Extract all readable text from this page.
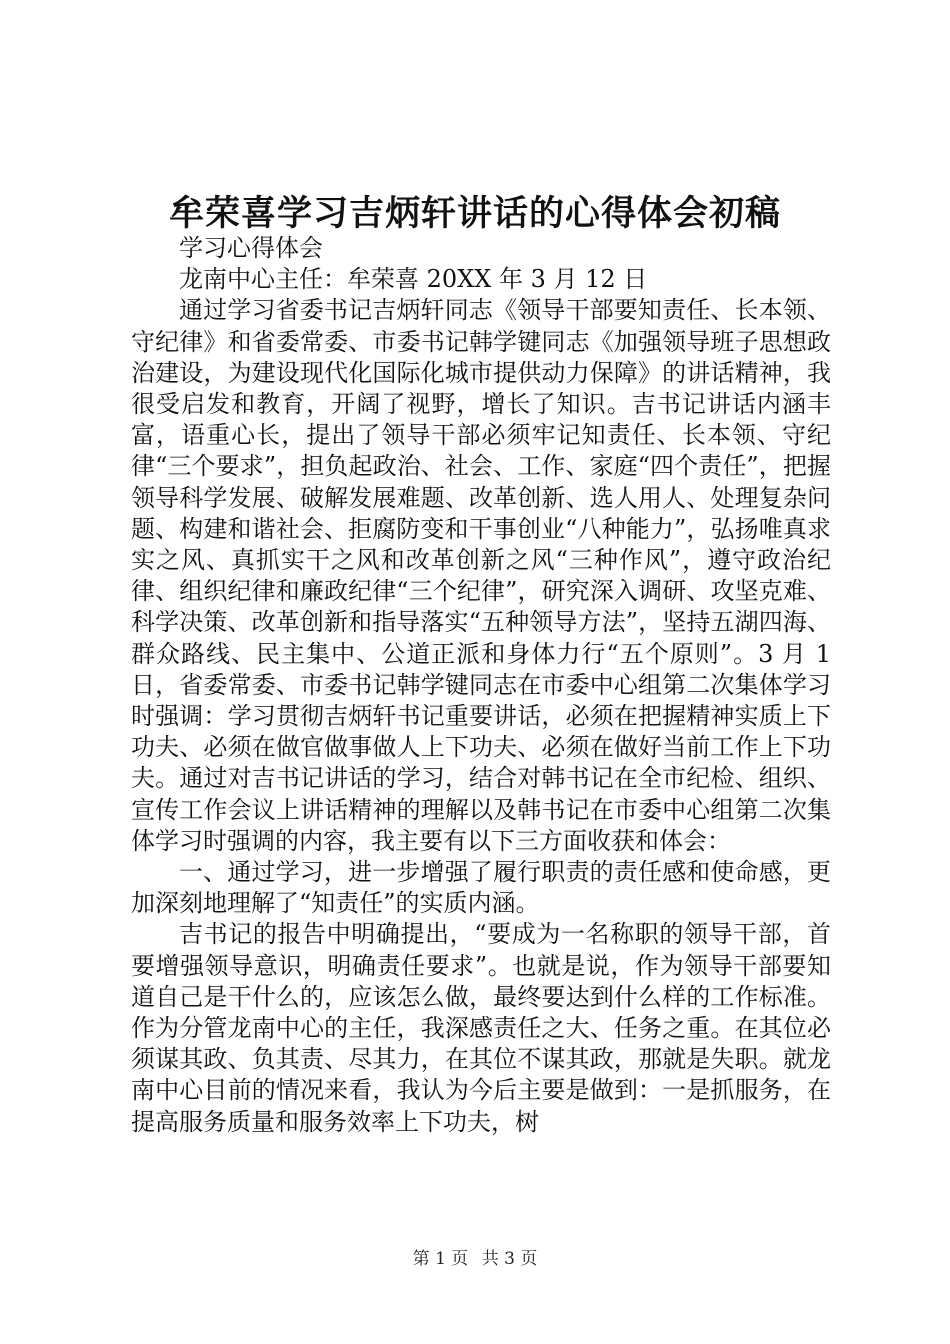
牟荣喜学习吉炳轩讲话的心得体会初稿

学习心得体会

龙南中心主任：牟荣喜 20XX 年 3 月 12 日

通过学习省委书记吉炳轩同志《领导干部要知责任、长本领、守纪律》和省委常委、市委书记韩学键同志《加强领导班子思想政治建设，为建设现代化国际化城市提供动力保障》的讲话精神，我很受启发和教育，开阔了视野，增长了知识。吉书记讲话内涵丰富，语重心长，提出了领导干部必须牢记知责任、长本领、守纪律“三个要求”，担负起政治、社会、工作、家庭“四个责任”，把握领导科学发展、破解发展难题、改革创新、选人用人、处理复杂问题、构建和谐社会、拒腐防变和干事创业“八种能力”，弘扬唯真求实之风、真抓实干之风和改革创新之风“三种作风”，遵守政治纪律、组织纪律和廉政纪律“三个纪律”，研究深入调研、攻坚克难、科学决策、改革创新和指导落实“五种领导方法”，坚持五湖四海、群众路线、民主集中、公道正派和身体力行“五个原则”。3 月 1 日，省委常委、市委书记韩学键同志在市委中心组第二次集体学习时强调：学习贯彻吉炳轩书记重要讲话，必须在把握精神实质上下功夫、必须在做官做事做人上下功夫、必须在做好当前工作上下功夫。通过对吉书记讲话的学习，结合对韩书记在全市纪检、组织、宣传工作会议上讲话精神的理解以及韩书记在市委中心组第二次集体学习时强调的内容，我主要有以下三方面收获和体会：

一、通过学习，进一步增强了履行职责的责任感和使命感，更加深刻地理解了“知责任”的实质内涵。

吉书记的报告中明确提出，“要成为一名称职的领导干部，首要增强领导意识，明确责任要求”。也就是说，作为领导干部要知道自己是干什么的，应该怎么做，最终要达到什么样的工作标准。作为分管龙南中心的主任，我深感责任之大、任务之重。在其位必须谋其政、负其责、尽其力，在其位不谋其政，那就是失职。就龙南中心目前的情况来看，我认为今后主要是做到：一是抓服务，在提高服务质量和服务效率上下功夫，树

第 1 页 共 3 页
